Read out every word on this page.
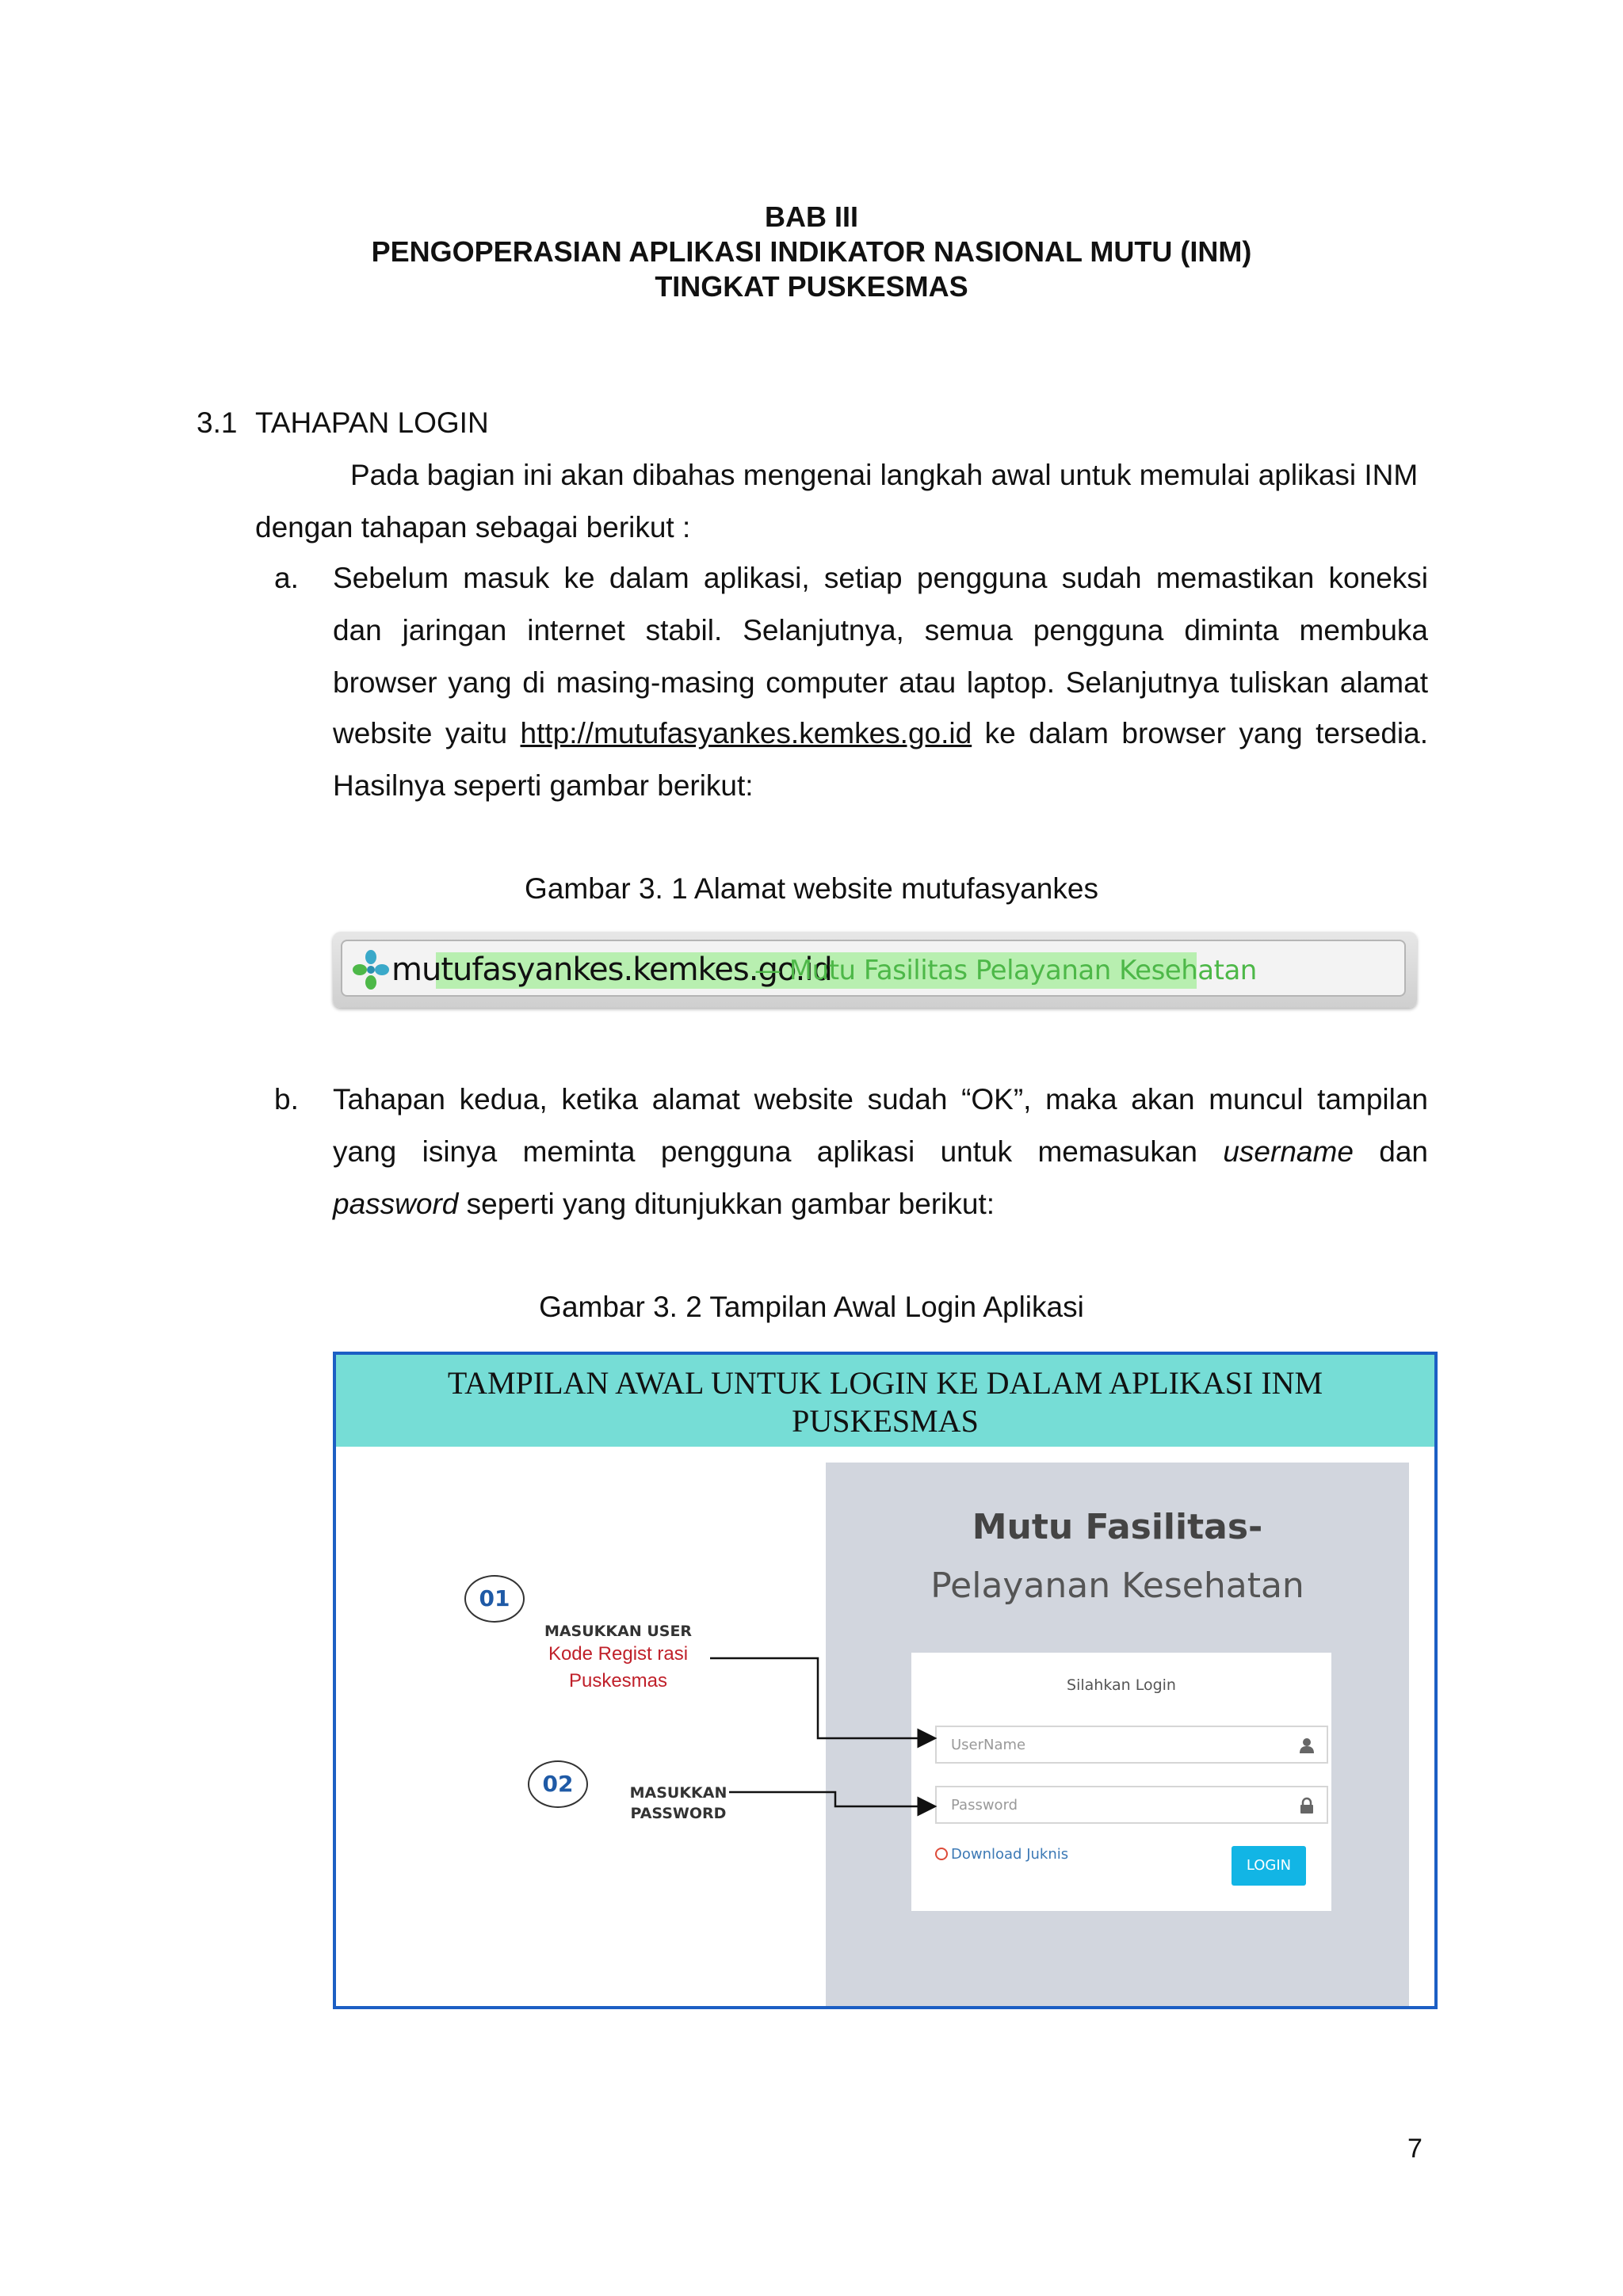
BAB III
PENGOPERASIAN APLIKASI INDIKATOR NASIONAL MUTU (INM)
TINGKAT PUSKESMAS
3.1 TAHAPAN LOGIN
Pada bagian ini akan dibahas mengenai langkah awal untuk memulai aplikasi INM
dengan tahapan sebagai berikut :
a. Sebelum masuk ke dalam aplikasi, setiap pengguna sudah memastikan koneksi
dan jaringan internet stabil. Selanjutnya, semua pengguna diminta membuka
browser yang di masing-masing computer atau laptop. Selanjutnya tuliskan alamat
website yaitu http://mutufasyankes.kemkes.go.id ke dalam browser yang tersedia.
Hasilnya seperti gambar berikut:
Gambar 3. 1 Alamat website mutufasyankes
mutufasyankes.kemkes.go.id
— Mutu Fasilitas Pelayanan Kesehatan
b. Tahapan kedua, ketika alamat website sudah “OK”, maka akan muncul tampilan
yang isinya meminta pengguna aplikasi untuk memasukan username dan
password seperti yang ditunjukkan gambar berikut:
Gambar 3. 2 Tampilan Awal Login Aplikasi
TAMPILAN AWAL UNTUK LOGIN KE DALAM APLIKASI INM
PUSKESMAS
Mutu Fasilitas-
Pelayanan Kesehatan
Silahkan Login
UserName
Password
Download Juknis
LOGIN
01
MASUKKAN USER
Kode Regist rasi
Puskesmas
02	MASUKKAN
PASSWORD
7
